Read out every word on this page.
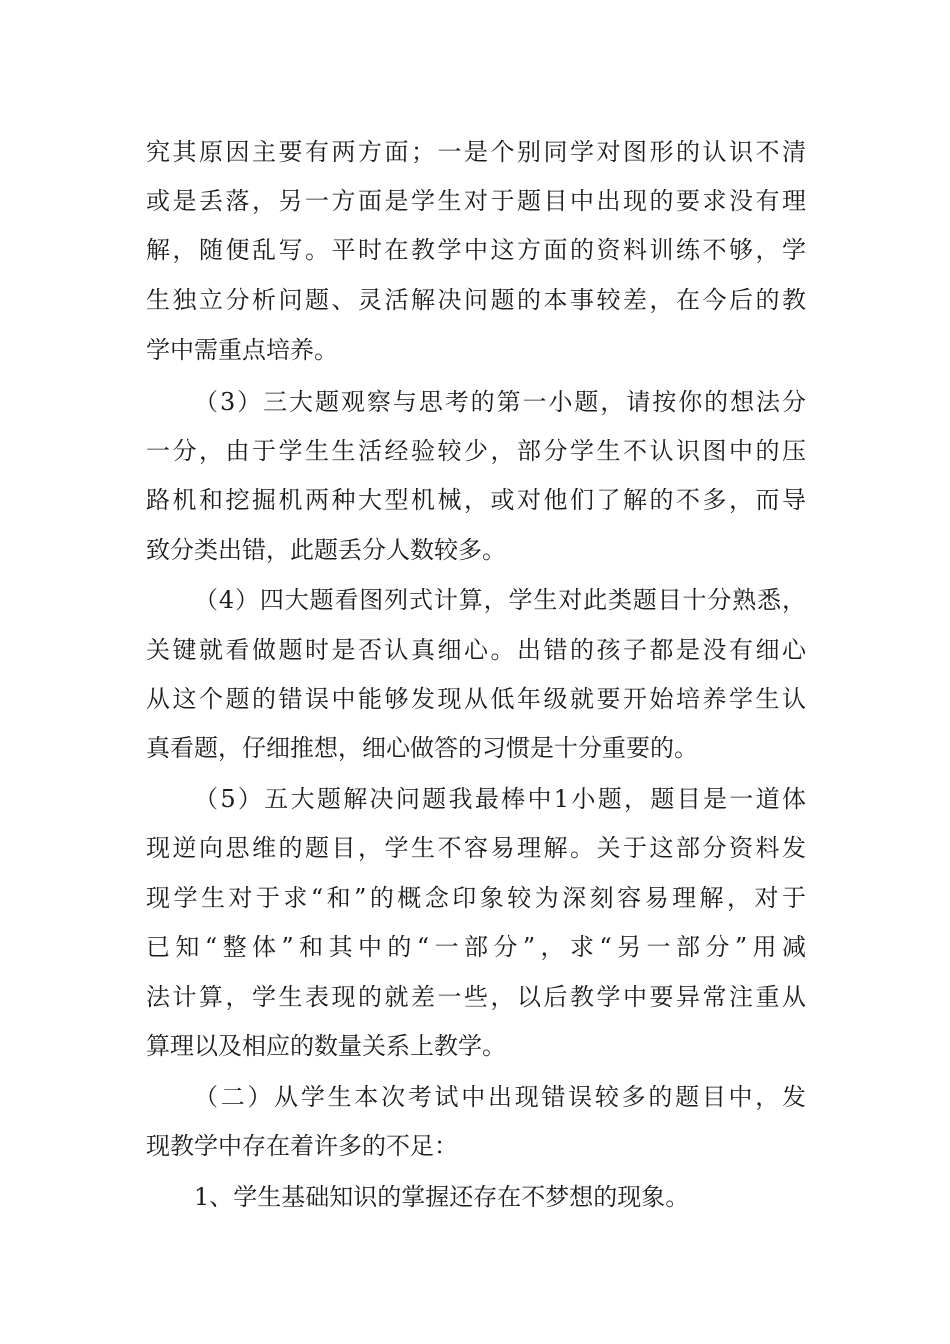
究其原因主要有两方面；一是个别同学对图形的认识不清
或是丢落，另一方面是学生对于题目中出现的要求没有理
解，随便乱写。平时在教学中这方面的资料训练不够，学
生独立分析问题、灵活解决问题的本事较差，在今后的教
学中需重点培养。
（3）三大题观察与思考的第一小题，请按你的想法分
一分，由于学生生活经验较少，部分学生不认识图中的压
路机和挖掘机两种大型机械，或对他们了解的不多，而导
致分类出错，此题丢分人数较多。
（4）四大题看图列式计算，学生对此类题目十分熟悉，
关键就看做题时是否认真细心。出错的孩子都是没有细心
从这个题的错误中能够发现从低年级就要开始培养学生认
真看题，仔细推想，细心做答的习惯是十分重要的。
（5）五大题解决问题我最棒中1小题，题目是一道体
现逆向思维的题目，学生不容易理解。关于这部分资料发
现学生对于求“和”的概念印象较为深刻容易理解，对于
已知“整体”和其中的“一部分”，求“另一部分”用减
法计算，学生表现的就差一些，以后教学中要异常注重从
算理以及相应的数量关系上教学。
（二）从学生本次考试中出现错误较多的题目中，发
现教学中存在着许多的不足：
1、学生基础知识的掌握还存在不梦想的现象。
